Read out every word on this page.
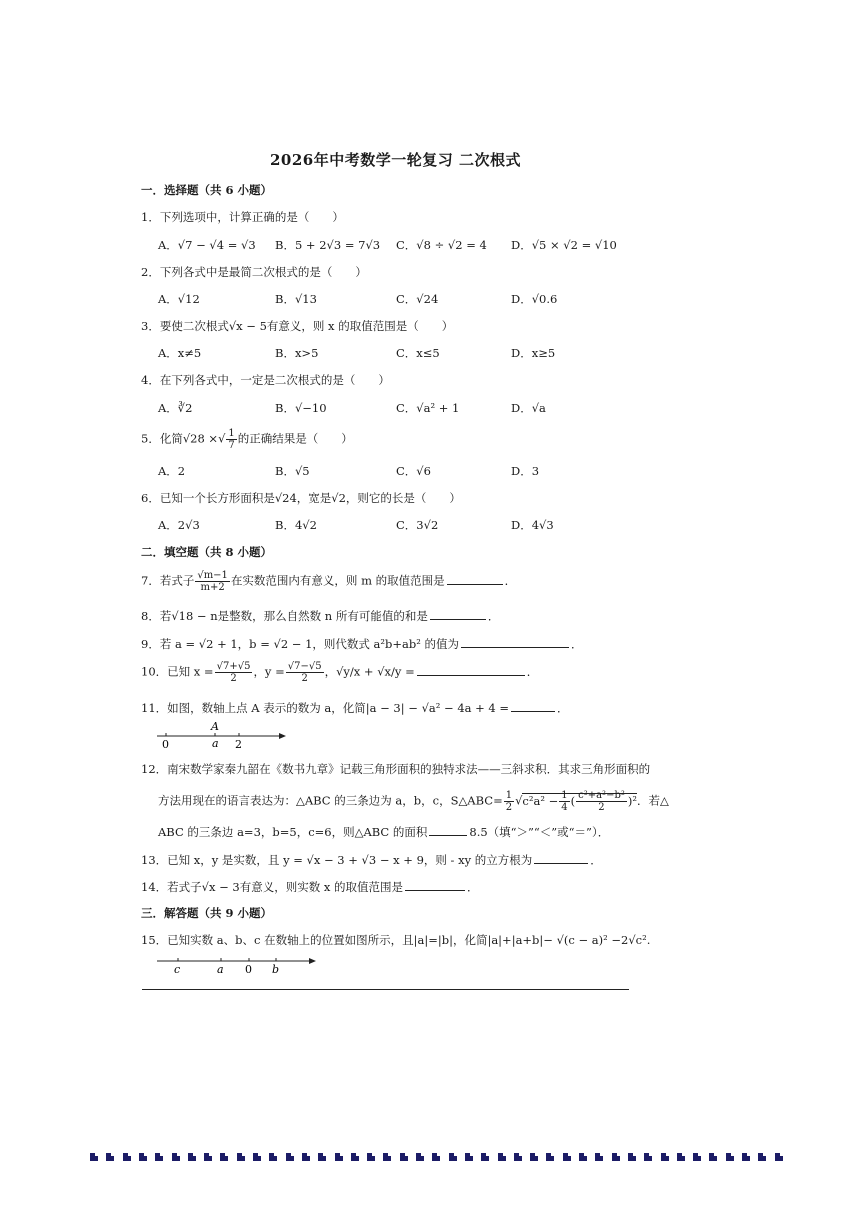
2026年中考数学一轮复习 二次根式
一．选择题（共 6 小题）
1．下列选项中，计算正确的是（　　）
A．√7 − √4 = √3 B．5 + 2√3 = 7√3 C．√8 ÷ √2 = 4 D．√5 × √2 = √10
2．下列各式中是最简二次根式的是（　　）
A．√12	B．√13	C．√24	D．√0.6
3．要使二次根式√x − 5有意义，则 x 的取值范围是（　　）
A．x≠5	B．x>5	C．x≤5	D．x≥5
4．在下列各式中，一定是二次根式的是（　　）
A．∛2	B．√−10	C．√a² + 1	D．√a
5．化简√28 ×√ $\frac{1}{7}$ 的正确结果是（　　）
A．2	B．√5	C．√6	D．3
6．已知一个长方形面积是√24，宽是√2，则它的长是（　　）
A．2√3	B．4√2	C．3√2	D．4√3
二．填空题（共 8 小题）
7．若式子 $\frac{√m-1}{m+2}$ 在实数范围内有意义，则 m 的取值范围是	．
8．若√18 − n是整数，那么自然数 n 所有可能值的和是	．
9．若 a = √2 + 1，b = √2 − 1，则代数式 a²b+ab² 的值为	．
10．已知 $x = \frac{√7+√5}{2}$ ，$y = \frac{√7-√5}{2}$ ，√y/x + √x/y =	．
11．如图，数轴上点 A 表示的数为 a，化简|a − 3| − √a² − 4a + 4 =	．
A
0	a 2
12．南宋数学家秦九韶在《数书九章》记载三角形面积的独特求法——三斜求积．其求三角形面积的
方法用现在的语言表达为：△ABC 的三条边为 a，b，c，S△ABC= $\frac{1}{2} √c^2a^2 - \frac{1}{4}$ ( $\frac{\text{c²+a²−b²}}{2} )^2$．若△
ABC 的三条边 a=3，b=5，c=6，则△ABC 的面积	8.5（填“＞”“＜”或“＝”）．
13．已知 x，y 是实数，且 y = √x − 3 + √3 − x + 9，则 - xy 的立方根为	．
14．若式子√x − 3有意义，则实数 x 的取值范围是	．
三．解答题（共 9 小题）
15．已知实数 a、b、c 在数轴上的位置如图所示，且|a|=|b|，化简|a|+|a+b|− √(c − a)² −2√c².
c	a 0 b
